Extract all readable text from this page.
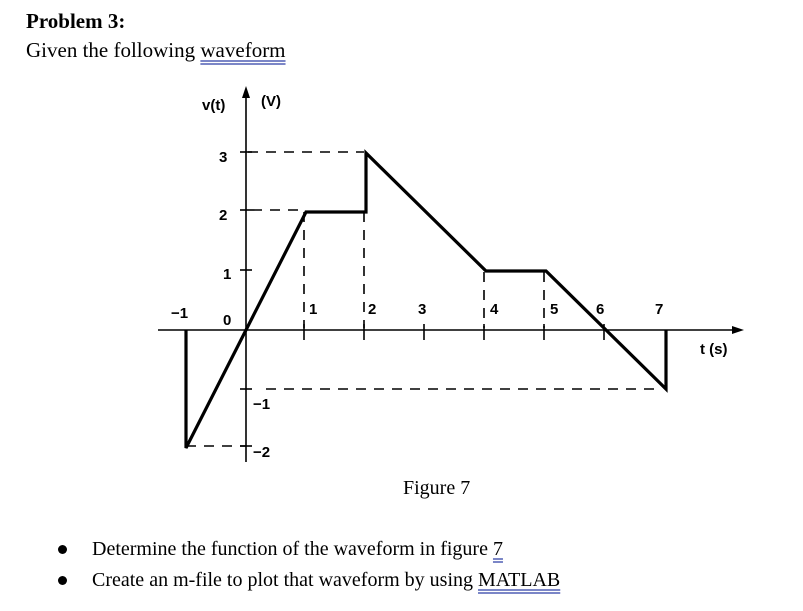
Problem 3:
Given the following waveform
v(t) (V)
t (s)
3
2
1
−1
−2
−1 0
1	2	3	4	5	6	7
Figure 7
Determine the function of the waveform in figure 7
Create an m-file to plot that waveform by using MATLAB
